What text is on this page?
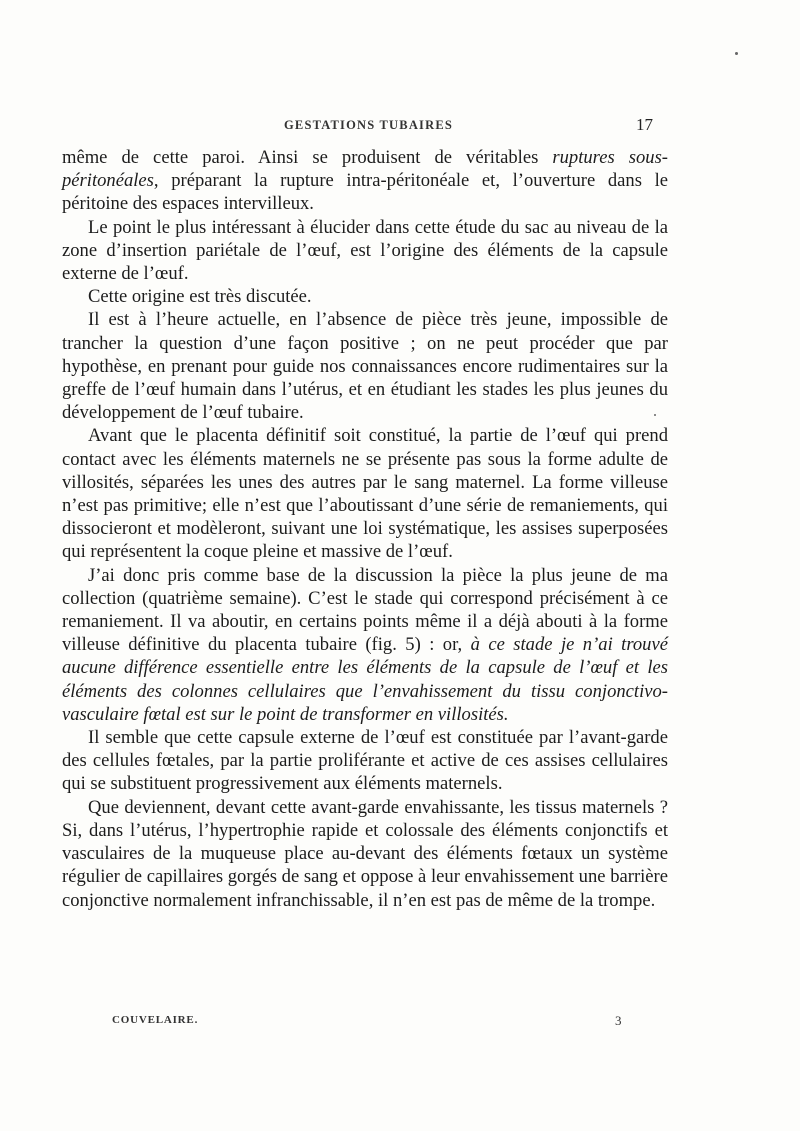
GESTATIONS TUBAIRES	17

même de cette paroi. Ainsi se produisent de véritables ruptures sous-péritonéales, préparant la rupture intra-péritonéale et, l’ouverture dans le péritoine des espaces intervilleux.

Le point le plus intéressant à élucider dans cette étude du sac au niveau de la zone d’insertion pariétale de l’œuf, est l’origine des éléments de la capsule externe de l’œuf.

Cette origine est très discutée.

Il est à l’heure actuelle, en l’absence de pièce très jeune, impossible de trancher la question d’une façon positive ; on ne peut procéder que par hypothèse, en prenant pour guide nos connaissances encore rudimentaires sur la greffe de l’œuf humain dans l’utérus, et en étudiant les stades les plus jeunes du développement de l’œuf tubaire.

Avant que le placenta définitif soit constitué, la partie de l’œuf qui prend contact avec les éléments maternels ne se présente pas sous la forme adulte de villosités, séparées les unes des autres par le sang maternel. La forme villeuse n’est pas primitive; elle n’est que l’aboutissant d’une série de remaniements, qui dissocieront et modèleront, suivant une loi systématique, les assises superposées qui représentent la coque pleine et massive de l’œuf.

J’ai donc pris comme base de la discussion la pièce la plus jeune de ma collection (quatrième semaine). C’est le stade qui correspond précisément à ce remaniement. Il va aboutir, en certains points même il a déjà abouti à la forme villeuse définitive du placenta tubaire (fig. 5) : or, à ce stade je n’ai trouvé aucune différence essentielle entre les éléments de la capsule de l’œuf et les éléments des colonnes cellulaires que l’envahissement du tissu conjonctivo-vasculaire fœtal est sur le point de transformer en villosités.

Il semble que cette capsule externe de l’œuf est constituée par l’avant-garde des cellules fœtales, par la partie proliférante et active de ces assises cellulaires qui se substituent progressivement aux éléments maternels.

Que deviennent, devant cette avant-garde envahissante, les tissus maternels ? Si, dans l’utérus, l’hypertrophie rapide et colossale des éléments conjonctifs et vasculaires de la muqueuse place au-devant des éléments fœtaux un système régulier de capillaires gorgés de sang et oppose à leur envahissement une barrière conjonctive normalement infranchissable, il n’en est pas de même de la trompe.

COUVELAIRE.	3
